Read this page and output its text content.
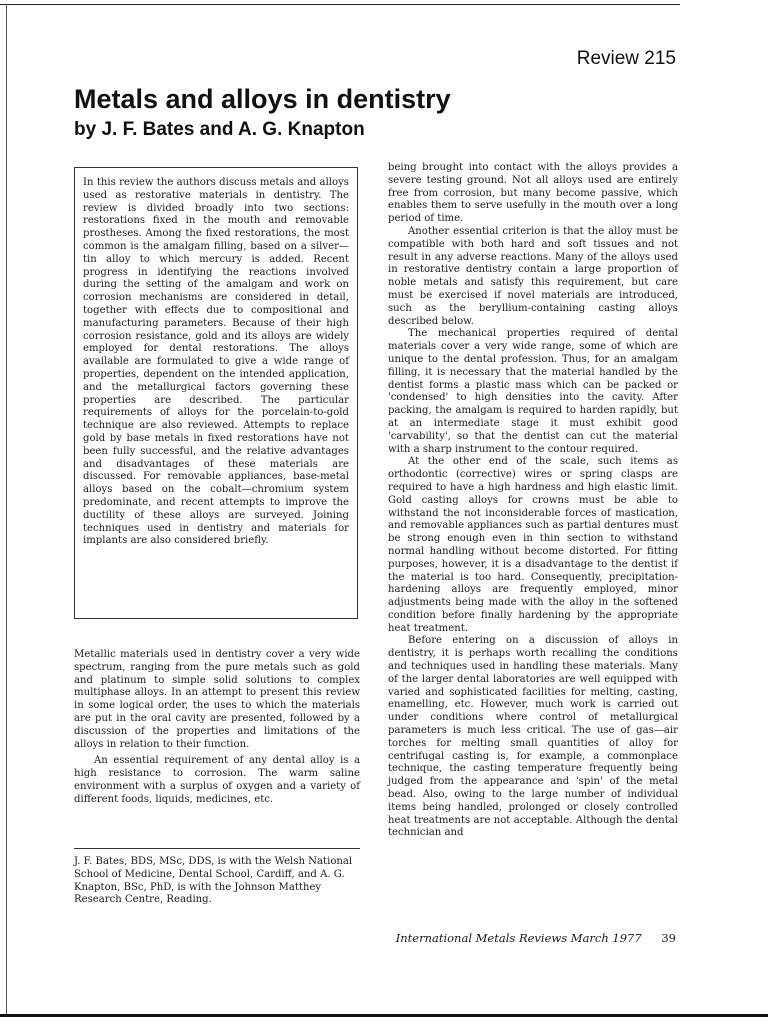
Review 215
Metals and alloys in dentistry
by J. F. Bates and A. G. Knapton
In this review the authors discuss metals and alloys used as restorative materials in dentistry. The review is divided broadly into two sections: restorations fixed in the mouth and removable prostheses. Among the fixed restorations, the most common is the amalgam filling, based on a silver—tin alloy to which mercury is added. Recent progress in identifying the reactions involved during the setting of the amalgam and work on corrosion mechanisms are considered in detail, together with effects due to compositional and manufacturing parameters. Because of their high corrosion resistance, gold and its alloys are widely employed for dental restorations. The alloys available are formulated to give a wide range of properties, dependent on the intended application, and the metallurgical factors governing these properties are described. The particular requirements of alloys for the porcelain-to-gold technique are also reviewed. Attempts to replace gold by base metals in fixed restorations have not been fully successful, and the relative advantages and disadvantages of these materials are discussed. For removable appliances, base-metal alloys based on the cobalt—chromium system predominate, and recent attempts to improve the ductility of these alloys are surveyed. Joining techniques used in dentistry and materials for implants are also considered briefly.

Metallic materials used in dentistry cover a very wide spectrum, ranging from the pure metals such as gold and platinum to simple solid solutions to complex multiphase alloys. In an attempt to present this review in some logical order, the uses to which the materials are put in the oral cavity are presented, followed by a discussion of the properties and limitations of the alloys in relation to their function.

An essential requirement of any dental alloy is a high resistance to corrosion. The warm saline environment with a surplus of oxygen and a variety of different foods, liquids, medicines, etc.

J. F. Bates, BDS, MSc, DDS, is with the Welsh National School of Medicine, Dental School, Cardiff, and A. G. Knapton, BSc, PhD, is with the Johnson Matthey Research Centre, Reading.

being brought into contact with the alloys provides a severe testing ground. Not all alloys used are entirely free from corrosion, but many become passive, which enables them to serve usefully in the mouth over a long period of time.

Another essential criterion is that the alloy must be compatible with both hard and soft tissues and not result in any adverse reactions. Many of the alloys used in restorative dentistry contain a large proportion of noble metals and satisfy this requirement, but care must be exercised if novel materials are introduced, such as the beryllium-containing casting alloys described below.

The mechanical properties required of dental materials cover a very wide range, some of which are unique to the dental profession. Thus, for an amalgam filling, it is necessary that the material handled by the dentist forms a plastic mass which can be packed or 'condensed' to high densities into the cavity. After packing, the amalgam is required to harden rapidly, but at an intermediate stage it must exhibit good 'carvability', so that the dentist can cut the material with a sharp instrument to the contour required.

At the other end of the scale, such items as orthodontic (corrective) wires or spring clasps are required to have a high hardness and high elastic limit. Gold casting alloys for crowns must be able to withstand the not inconsiderable forces of mastication, and removable appliances such as partial dentures must be strong enough even in thin section to withstand normal handling without become distorted. For fitting purposes, however, it is a disadvantage to the dentist if the material is too hard. Consequently, precipitation-hardening alloys are frequently employed, minor adjustments being made with the alloy in the softened condition before finally hardening by the appropriate heat treatment.

Before entering on a discussion of alloys in dentistry, it is perhaps worth recalling the conditions and techniques used in handling these materials. Many of the larger dental laboratories are well equipped with varied and sophisticated facilities for melting, casting, enamelling, etc. However, much work is carried out under conditions where control of metallurgical parameters is much less critical. The use of gas—air torches for melting small quantities of alloy for centrifugal casting is, for example, a commonplace technique, the casting temperature frequently being judged from the appearance and 'spin' of the metal bead. Also, owing to the large number of individual items being handled, prolonged or closely controlled heat treatments are not acceptable. Although the dental technician and

International Metals Reviews March 1977 39
